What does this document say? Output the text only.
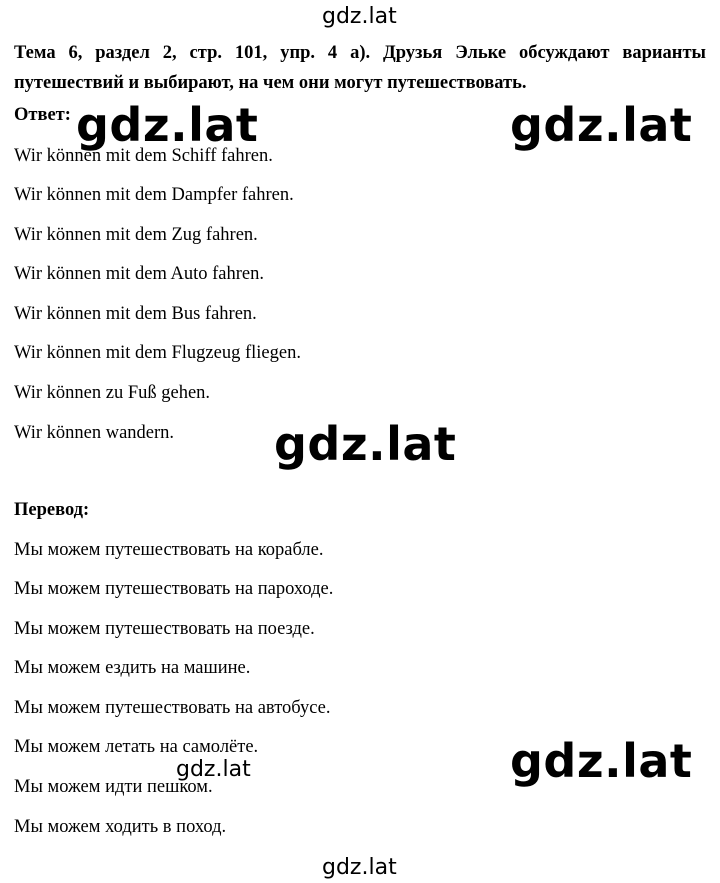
gdz.lat

Тема 6, раздел 2, стр. 101, упр. 4 a). Друзья Эльке обсуждают варианты путешествий и выбирают, на чем они могут путешествовать.

Ответ:

Wir können mit dem Schiff fahren.

Wir können mit dem Dampfer fahren.

Wir können mit dem Zug fahren.

Wir können mit dem Auto fahren.

Wir können mit dem Bus fahren.

Wir können mit dem Flugzeug fliegen.

Wir können zu Fuß gehen.

Wir können wandern.

Перевод:

Мы можем путешествовать на корабле.

Мы можем путешествовать на пароходе.

Мы можем путешествовать на поезде.

Мы можем ездить на машине.

Мы можем путешествовать на автобусе.

Мы можем летать на самолёте.

Мы можем идти пешком.

Мы можем ходить в поход.

gdz.lat	gdz.lat
gdz.lat
gdz.lat
gdz.lat
gdz.lat
